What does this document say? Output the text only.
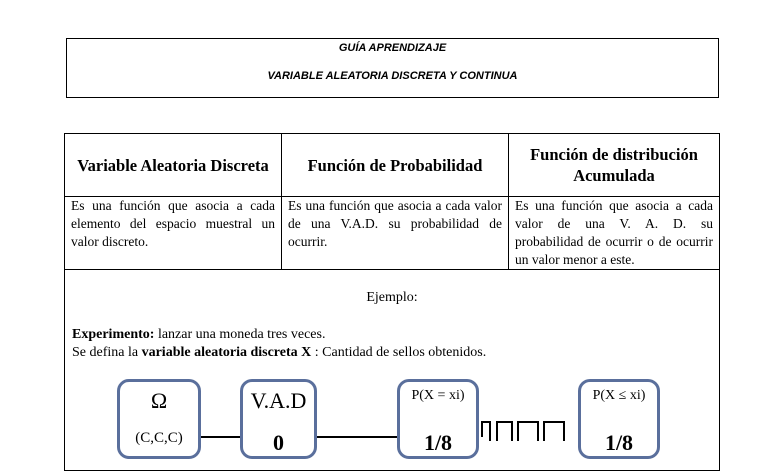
GUÍA APRENDIZAJE
VARIABLE ALEATORIA DISCRETA Y CONTINUA
Variable Aleatoria Discreta	Función de Probabilidad	Función de distribución Acumulada
Es una función que asocia a cada elemento del espacio muestral un valor discreto.	Es una función que asocia a cada valor de una V.A.D. su probabilidad de ocurrir.	Es una función que asocia a cada valor de una V. A. D. su probabilidad de ocurrir o de ocurrir un valor menor a este.

Ejemplo:
Experimento: lanzar una moneda tres veces.
Se defina la variable aleatoria discreta X : Cantidad de sellos obtenidos.		
Ω
(C,C,C)
V.A.D
0
P(X = xi)
1/8
P(X ≤ xi)
1/8
